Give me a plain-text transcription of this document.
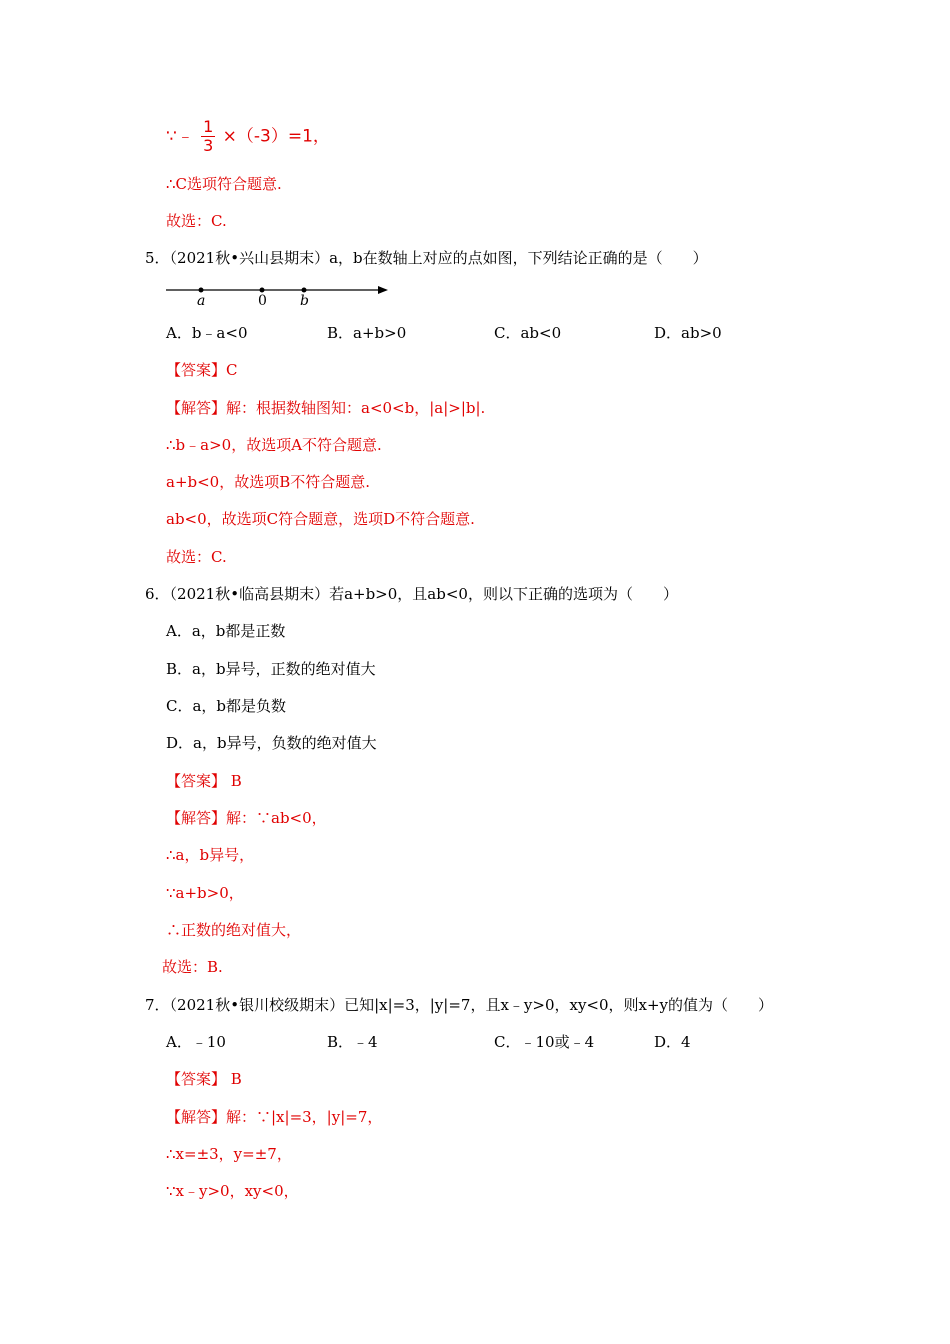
∵﹣ $\frac{1}{3} \times(-3)=1$，
∴C选项符合题意.
故选：C.
5．（2021秋•兴山县期末）a，b在数轴上对应的点如图，下列结论正确的是（　　）
a	0 b
A．b﹣a<0	B．a+b>0	C．ab<0	D．ab>0
【答案】C
【解答】解：根据数轴图知：a<0<b，|a|>|b|.
∴b﹣a>0，故选项A不符合题意.
a+b<0，故选项B不符合题意.
ab<0，故选项C符合题意，选项D不符合题意.
故选：C.
6．（2021秋•临高县期末）若a+b>0，且ab<0，则以下正确的选项为（　　）
A．a，b都是正数
B．a，b异号，正数的绝对值大
C．a，b都是负数
D．a，b异号，负数的绝对值大
【答案】 B
【解答】解：∵ab<0，
∴a，b异号，
∵a+b>0，
∴正数的绝对值大，
故选：B.
7．（2021秋•银川校级期末）已知|x|=3，|y|=7，且x﹣y>0，xy<0，则x+y的值为（　　）
A．﹣10	B．﹣4	C．﹣10或﹣4	D．4
【答案】 B
【解答】解：∵|x|=3，|y|=7，
∴x=±3，y=±7，
∵x﹣y>0，xy<0，
